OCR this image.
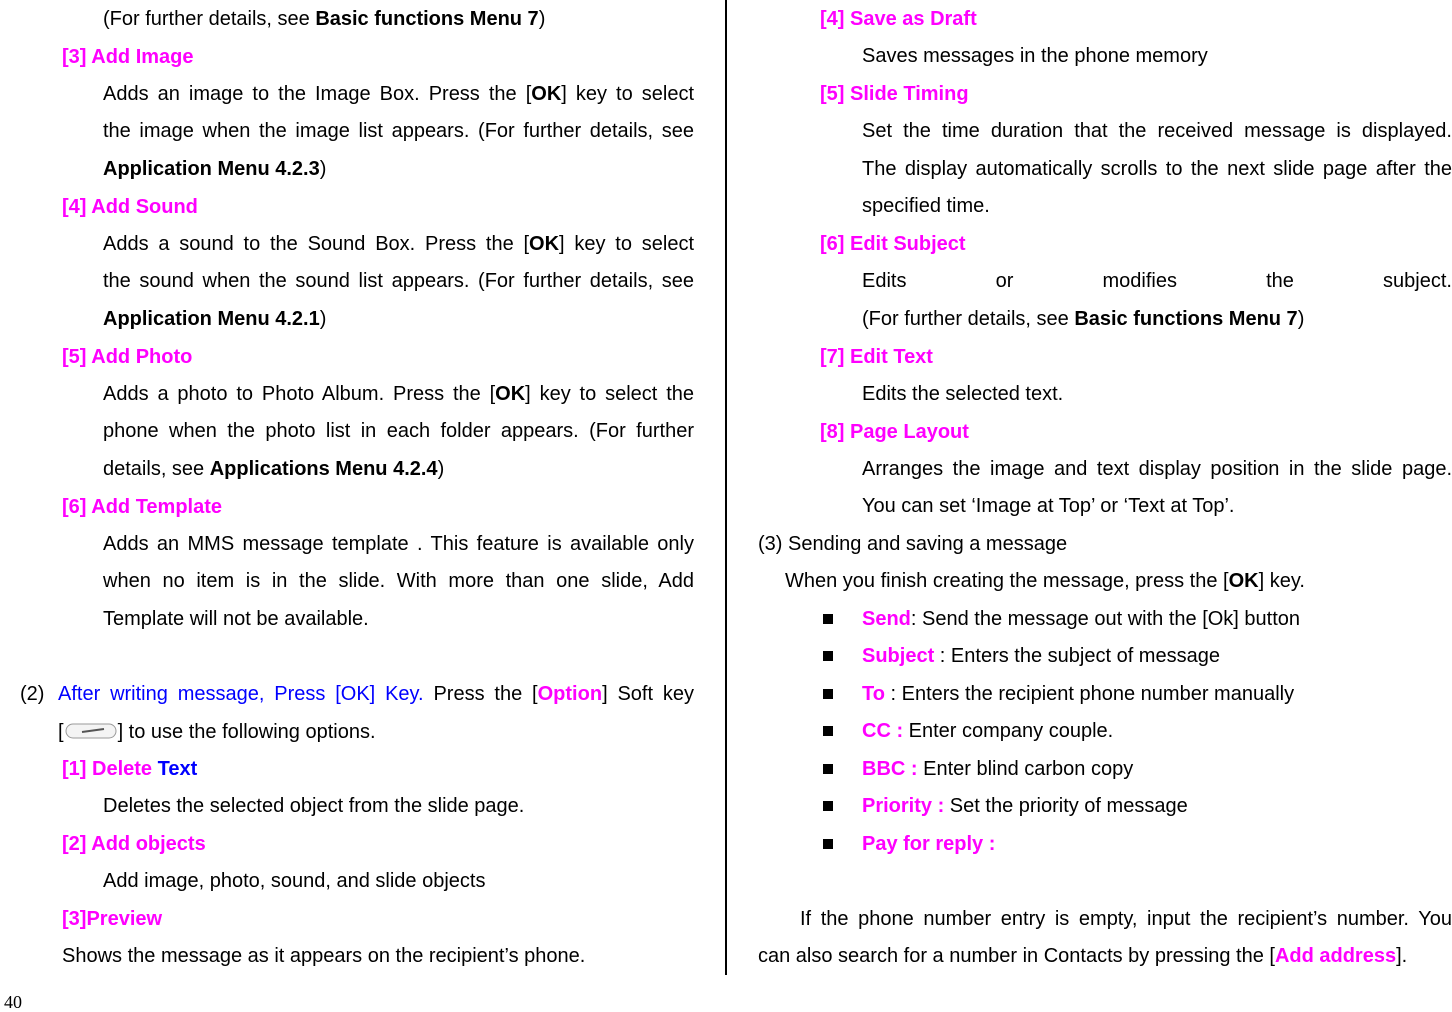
(For further details, see Basic functions Menu 7)
[3] Add Image
Adds an image to the Image Box. Press the [OK] key to select
the image when the image list appears. (For further details, see
Application Menu 4.2.3)
[4] Add Sound
Adds a sound to the Sound Box. Press the [OK] key to select
the sound when the sound list appears. (For further details, see
Application Menu 4.2.1)
[5] Add Photo
Adds a photo to Photo Album. Press the [OK] key to select the
phone when the photo list in each folder appears. (For further
details, see Applications Menu 4.2.4)
[6] Add Template
Adds an MMS message template . This feature is available only
when no item is in the slide. With more than one slide, Add
Template will not be available.
(2) After writing message, Press [OK] Key. Press the [Option] Soft key
[	] to use the following options.
[1] Delete Text
Deletes the selected object from the slide page.
[2] Add objects
Add image, photo, sound, and slide objects
[3]Preview
Shows the message as it appears on the recipient’s phone.
[4] Save as Draft
Saves messages in the phone memory
[5] Slide Timing
Set the time duration that the received message is displayed.
The display automatically scrolls to the next slide page after the
specified time.
[6] Edit Subject
Edits or modifies the subject.
(For further details, see Basic functions Menu 7)
[7] Edit Text
Edits the selected text.
[8] Page Layout
Arranges the image and text display position in the slide page.
You can set ‘Image at Top’ or ‘Text at Top’.
(3) Sending and saving a message
When you finish creating the message, press the [OK] key.
Send: Send the message out with the [Ok] button
Subject : Enters the subject of message
To : Enters the recipient phone number manually
CC : Enter company couple.
BBC : Enter blind carbon copy
Priority : Set the priority of message
Pay for reply :
If the phone number entry is empty, input the recipient’s number. You
can also search for a number in Contacts by pressing the [Add address].
40
